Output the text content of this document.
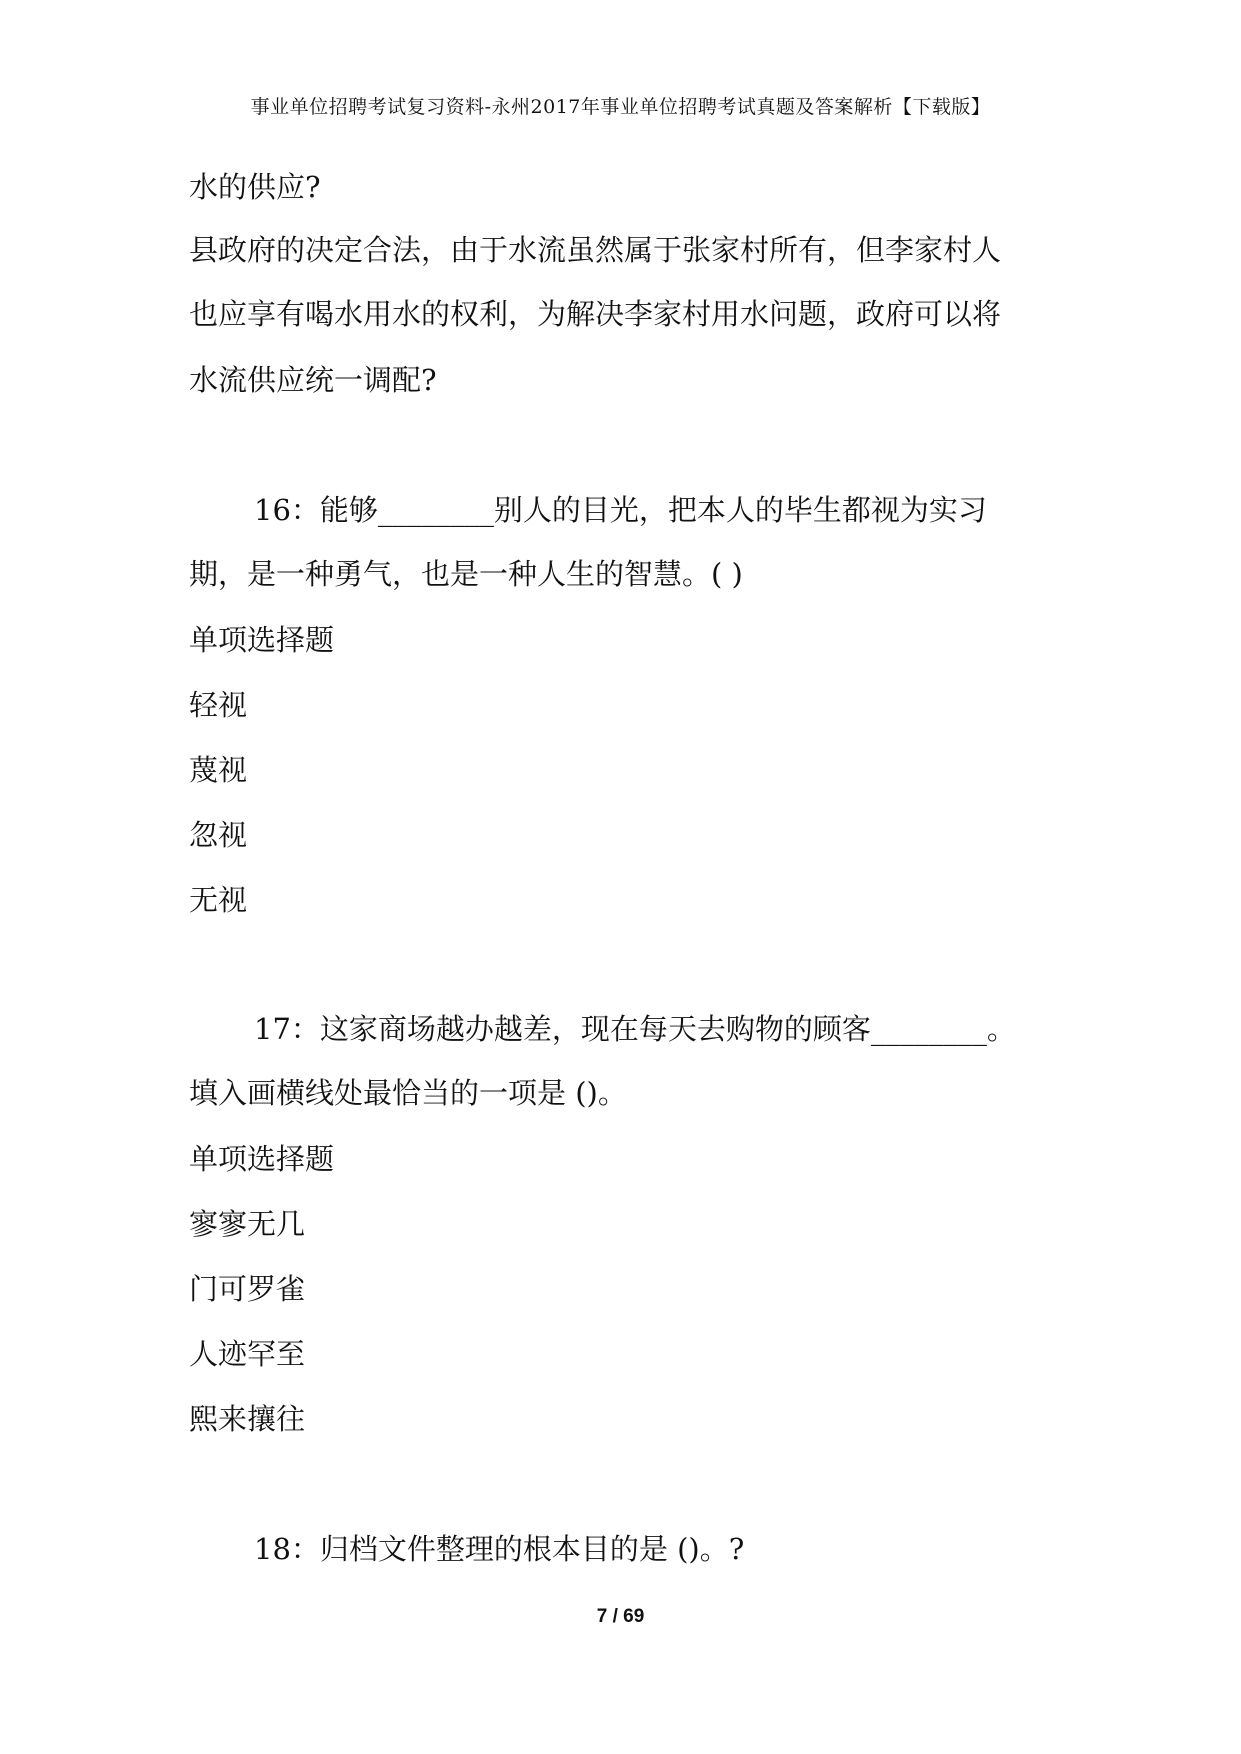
事业单位招聘考试复习资料-永州2017年事业单位招聘考试真题及答案解析【下载版】
水的供应?
县政府的决定合法，由于水流虽然属于张家村所有，但李家村人
也应享有喝水用水的权利，为解决李家村用水问题，政府可以将
水流供应统一调配?
16：能够________别人的目光，把本人的毕生都视为实习
期，是一种勇气，也是一种人生的智慧。( )
单项选择题
轻视
蔑视
忽视
无视
17：这家商场越办越差，现在每天去购物的顾客________。
填入画横线处最恰当的一项是 ()。
单项选择题
寥寥无几
门可罗雀
人迹罕至
熙来攘往
18：归档文件整理的根本目的是 ()。?
7 / 69
